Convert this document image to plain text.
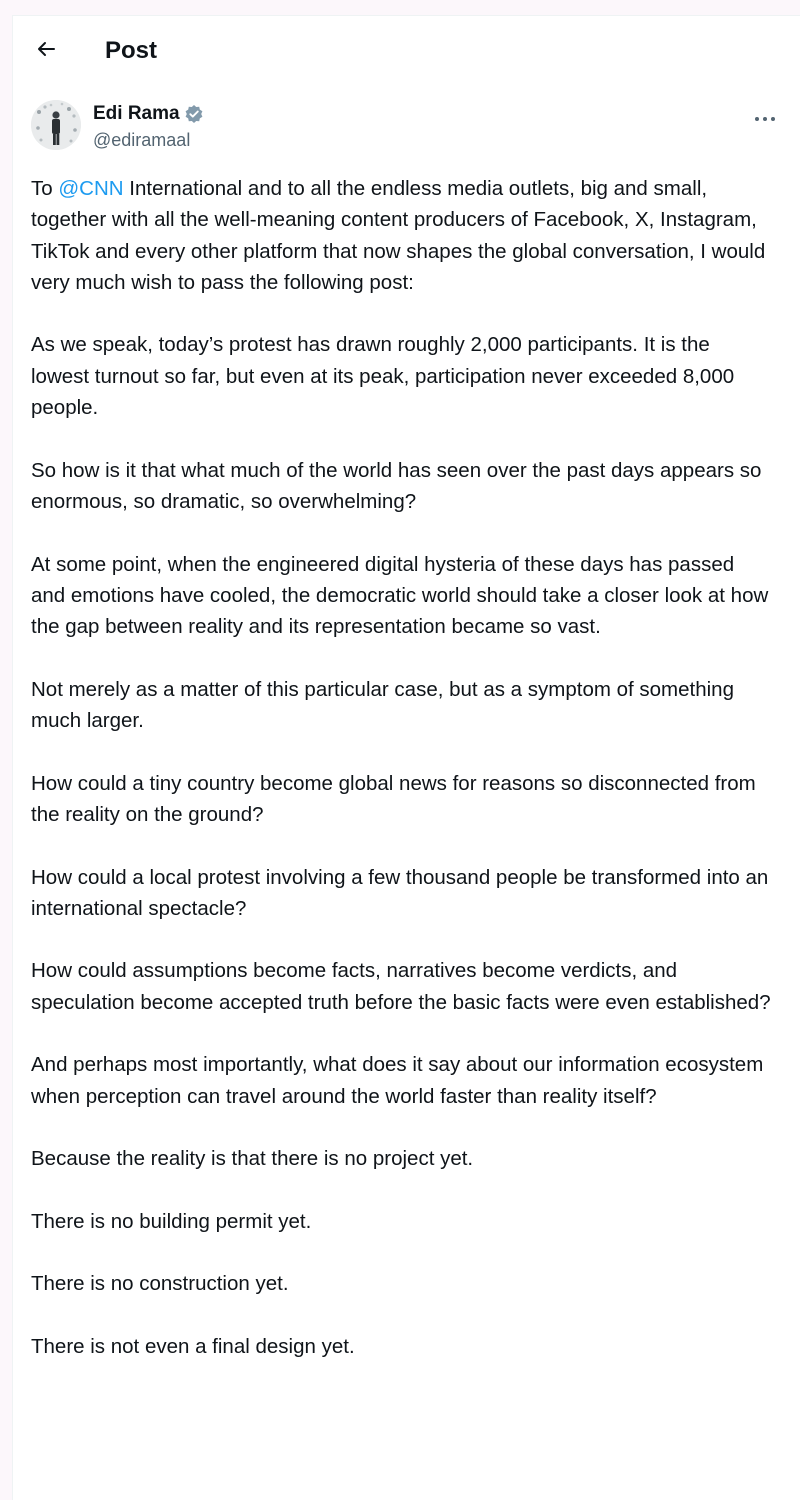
Post
Edi Rama
@ediramaal

To @CNN International and to all the endless media outlets, big and small, together with all the well-meaning content producers of Facebook, X, Instagram, TikTok and every other platform that now shapes the global conversation, I would very much wish to pass the following post:

As we speak, today’s protest has drawn roughly 2,000 participants. It is the lowest turnout so far, but even at its peak, participation never exceeded 8,000 people.

So how is it that what much of the world has seen over the past days appears so enormous, so dramatic, so overwhelming?

At some point, when the engineered digital hysteria of these days has passed and emotions have cooled, the democratic world should take a closer look at how the gap between reality and its representation became so vast.

Not merely as a matter of this particular case, but as a symptom of something much larger.

How could a tiny country become global news for reasons so disconnected from the reality on the ground?

How could a local protest involving a few thousand people be transformed into an international spectacle?

How could assumptions become facts, narratives become verdicts, and speculation become accepted truth before the basic facts were even established?

And perhaps most importantly, what does it say about our information ecosystem when perception can travel around the world faster than reality itself?

Because the reality is that there is no project yet.

There is no building permit yet.

There is no construction yet.

There is not even a final design yet.
